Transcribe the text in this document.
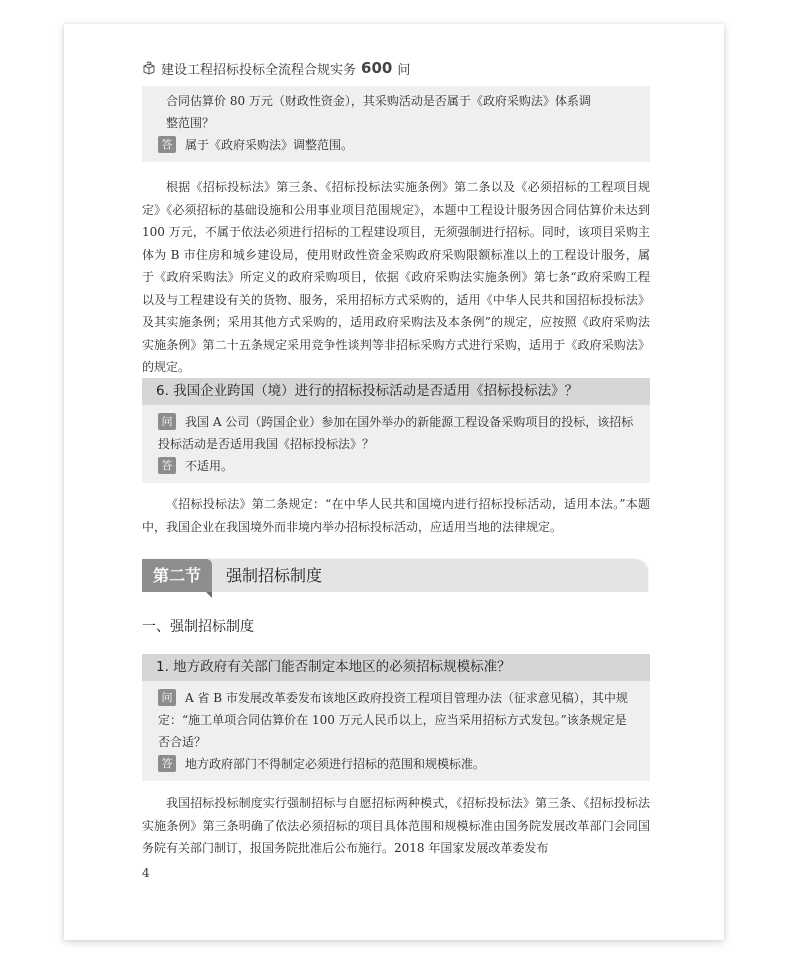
建设工程招标投标全流程合规实务 600 问
合同估算价 80 万元（财政性资金），其采购活动是否属于《政府采购法》体系调
整范围？
答 属于《政府采购法》调整范围。
根据《招标投标法》第三条、《招标投标法实施条例》第二条以及《必须招标的工程项目规定》《必须招标的基础设施和公用事业项目范围规定》，本题中工程设计服务因合同估算价未达到 100 万元，不属于依法必须进行招标的工程建设项目，无须强制进行招标。同时，该项目采购主体为 B 市住房和城乡建设局，使用财政性资金采购政府采购限额标准以上的工程设计服务，属于《政府采购法》所定义的政府采购项目，依据《政府采购法实施条例》第七条“政府采购工程以及与工程建设有关的货物、服务，采用招标方式采购的，适用《中华人民共和国招标投标法》及其实施条例；采用其他方式采购的，适用政府采购法及本条例”的规定，应按照《政府采购法实施条例》第二十五条规定采用竞争性谈判等非招标采购方式进行采购，适用于《政府采购法》的规定。
6. 我国企业跨国（境）进行的招标投标活动是否适用《招标投标法》？
问 我国 A 公司（跨国企业）参加在国外举办的新能源工程设备采购项目的投标，该招标投标活动是否适用我国《招标投标法》？
答 不适用。
《招标投标法》第二条规定：“在中华人民共和国境内进行招标投标活动，适用本法。”本题中，我国企业在我国境外而非境内举办招标投标活动，应适用当地的法律规定。
第二节	强制招标制度
一、强制招标制度
1. 地方政府有关部门能否制定本地区的必须招标规模标准？
问 A 省 B 市发展改革委发布该地区政府投资工程项目管理办法（征求意见稿），其中规定：“施工单项合同估算价在 100 万元人民币以上，应当采用招标方式发包。”该条规定是否合适？
答 地方政府部门不得制定必须进行招标的范围和规模标准。
我国招标投标制度实行强制招标与自愿招标两种模式，《招标投标法》第三条、《招标投标法实施条例》第三条明确了依法必须招标的项目具体范围和规模标准由国务院发展改革部门会同国务院有关部门制订，报国务院批准后公布施行。2018 年国家发展改革委发布
4
